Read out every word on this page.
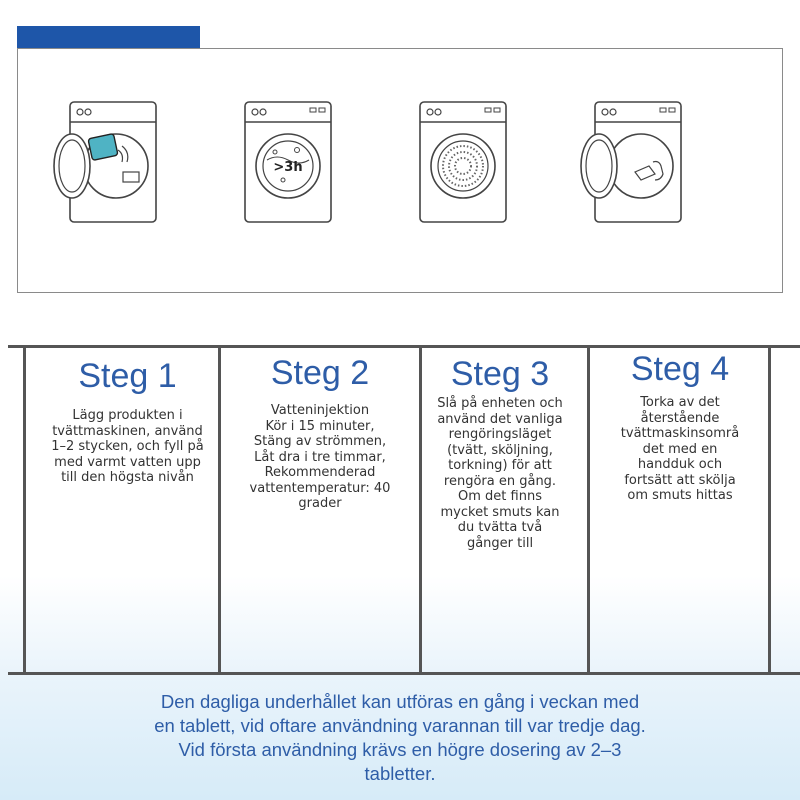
>3h
Steg 1
Lägg produkten i
tvättmaskinen, använd
1–2 stycken, och fyll på
med varmt vatten upp
till den högsta nivån
Steg 2
Vatteninjektion
Kör i 15 minuter,
Stäng av strömmen,
Låt dra i tre timmar,
Rekommenderad
vattentemperatur: 40
grader
Steg 3
Slå på enheten och
använd det vanliga
rengöringsläget
(tvätt, sköljning,
torkning) för att
rengöra en gång.
Om det finns
mycket smuts kan
du tvätta två
gånger till
Steg 4
Torka av det
återstående
tvättmaskinsområ
det med en
handduk och
fortsätt att skölja
om smuts hittas
Den dagliga underhållet kan utföras en gång i veckan med en tablett, vid oftare användning varannan till var tredje dag. Vid första användning krävs en högre dosering av 2–3 tabletter.
